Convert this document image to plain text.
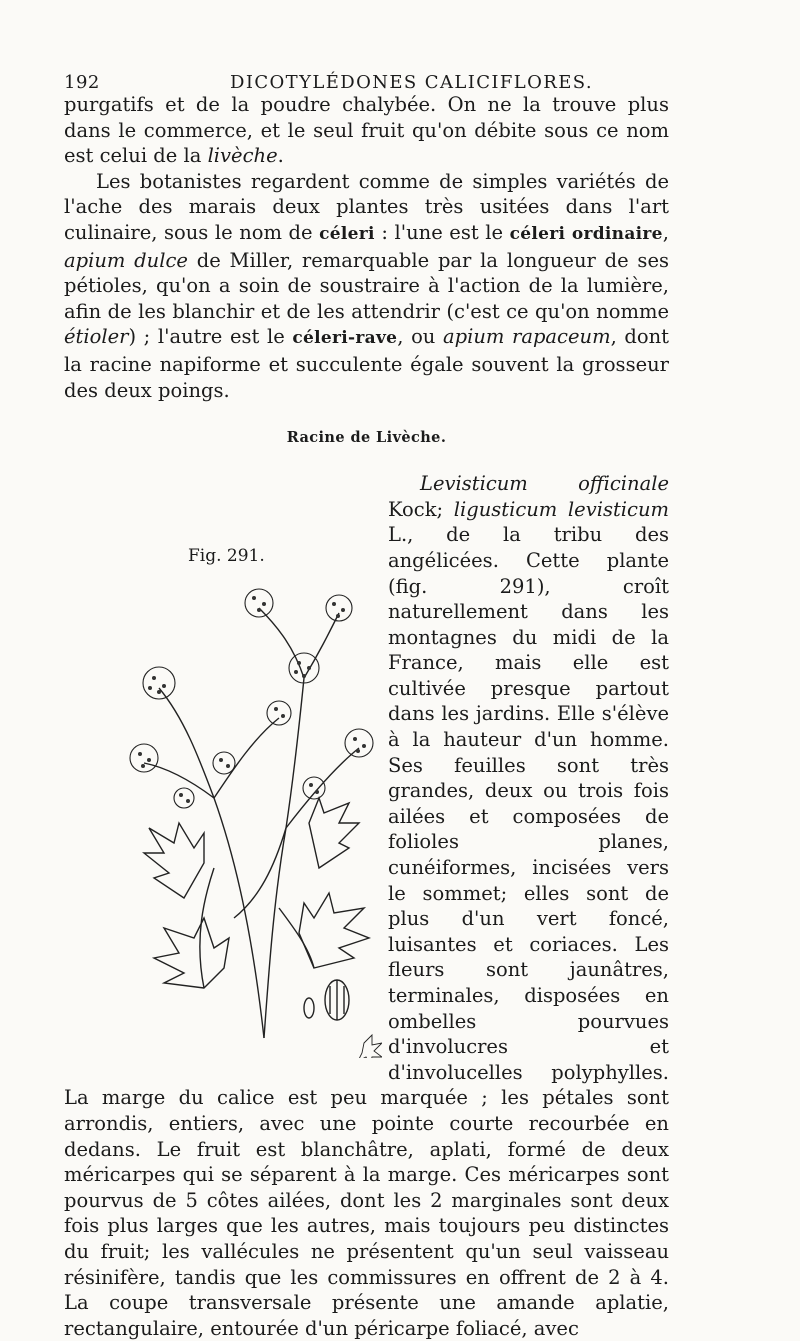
192	DICOTYLÉDONES CALICIFLORES.

purgatifs et de la poudre chalybée. On ne la trouve plus dans le commerce, et le seul fruit qu'on débite sous ce nom est celui de la livèche.

Les botanistes regardent comme de simples variétés de l'ache des marais deux plantes très usitées dans l'art culinaire, sous le nom de céleri : l'une est le céleri ordinaire, apium dulce de Miller, remarquable par la longueur de ses pétioles, qu'on a soin de soustraire à l'action de la lumière, afin de les blanchir et de les attendrir (c'est ce qu'on nomme étioler) ; l'autre est le céleri-rave, ou apium rapaceum, dont la racine napiforme et succulente égale souvent la grosseur des deux poings.

Racine de Livèche.

Levisticum officinale Kock; ligusticum levisticum L., de la tribu des angélicées. Cette plante (fig. 291), croît naturellement dans les montagnes du midi de la France, mais elle est cultivée presque partout dans les jardins. Elle s'élève à la hauteur d'un homme. Ses feuilles sont très grandes, deux ou trois fois ailées et composées de folioles planes, cunéiformes, incisées vers le sommet; elles sont de plus d'un vert foncé, luisantes et coriaces. Les fleurs sont jaunâtres, terminales, disposées en ombelles pourvues d'involucres et d'involucelles polyphylles. La marge du calice est peu marquée ; les pétales sont arrondis, entiers, avec une pointe courte recourbée en dedans. Le fruit est blanchâtre, aplati, formé de deux méricarpes qui se séparent à la marge. Ces méricarpes sont pourvus de 5 côtes ailées, dont les 2 marginales sont deux fois plus larges que les autres, mais toujours peu distinctes du fruit; les vallécules ne présentent qu'un seul vaisseau résinifère, tandis que les commissures en offrent de 2 à 4. La coupe transversale présente une amande aplatie, rectangulaire, entourée d'un péricarpe foliacé, avec

Fig. 291.
